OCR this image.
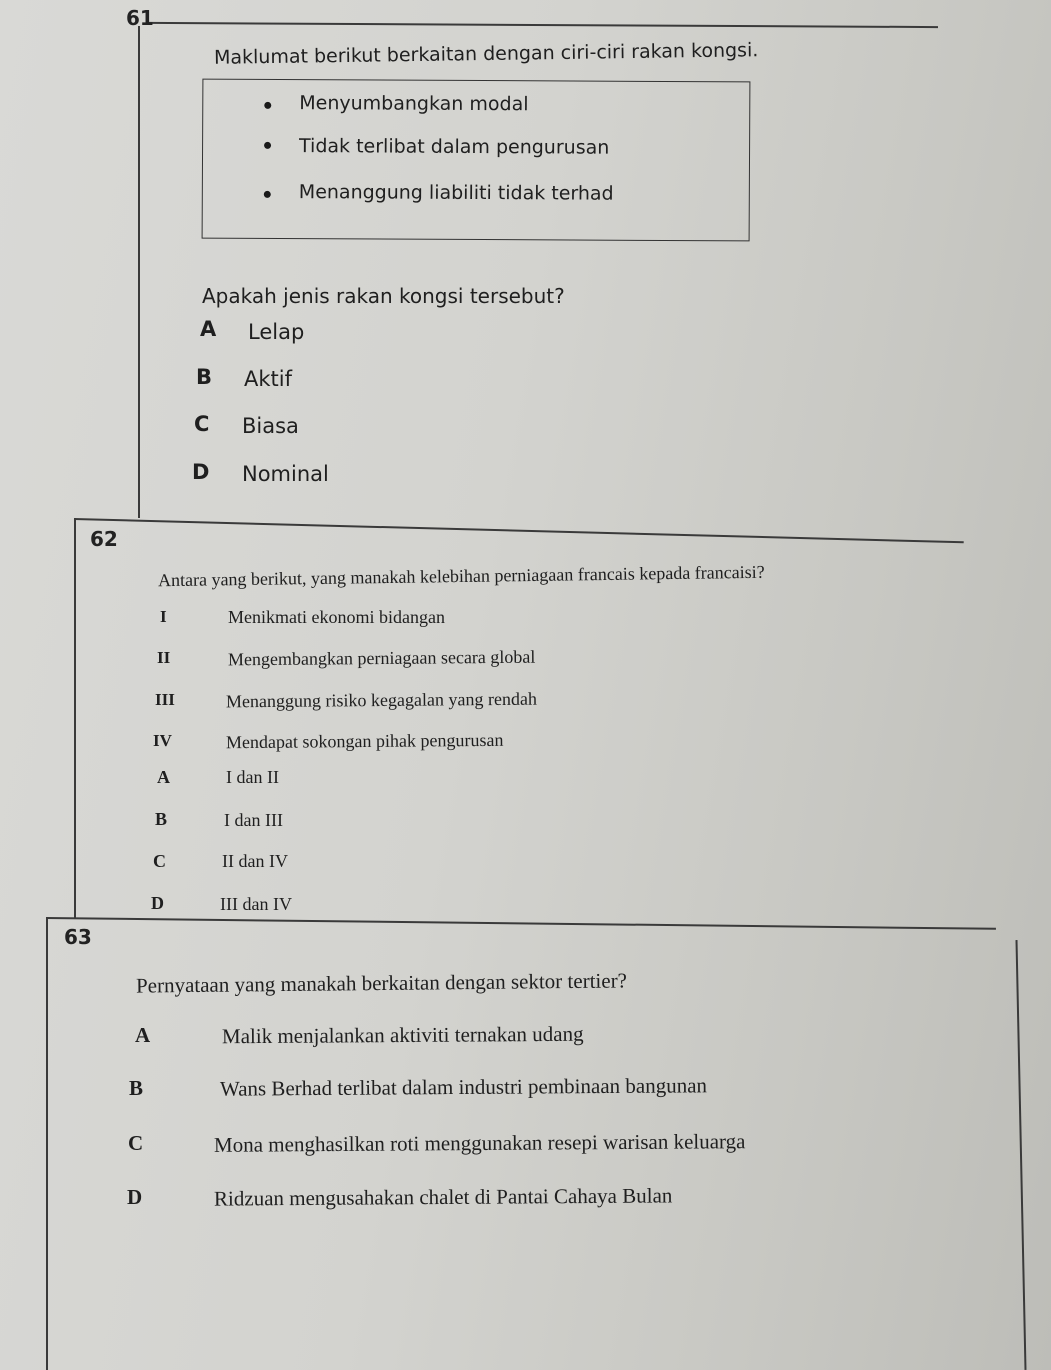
61
Maklumat berikut berkaitan dengan ciri-ciri rakan kongsi.
Menyumbangkan modal
Tidak terlibat dalam pengurusan
Menanggung liabiliti tidak terhad
Apakah jenis rakan kongsi tersebut?
A Lelap
B Aktif
C Biasa
D Nominal
62
Antara yang berikut, yang manakah kelebihan perniagaan francais kepada francaisi?
I	Menikmati ekonomi bidangan
II	Mengembangkan perniagaan secara global
III	Menanggung risiko kegagalan yang rendah
IV	Mendapat sokongan pihak pengurusan
A	I dan II
B	I dan III
C	II dan IV
D	III dan IV
63
Pernyataan yang manakah berkaitan dengan sektor tertier?
A	Malik menjalankan aktiviti ternakan udang
B	Wans Berhad terlibat dalam industri pembinaan bangunan
C	Mona menghasilkan roti menggunakan resepi warisan keluarga
D	Ridzuan mengusahakan chalet di Pantai Cahaya Bulan
